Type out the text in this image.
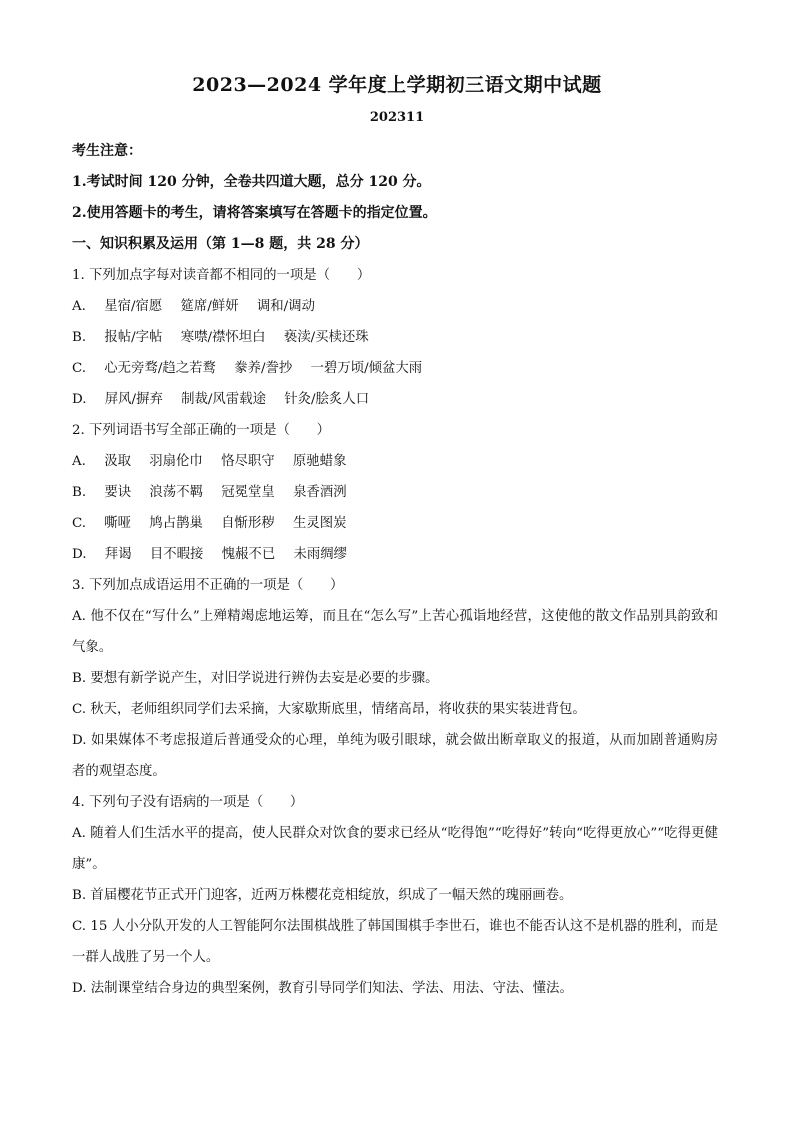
2023—2024 学年度上学期初三语文期中试题
202311
考生注意：
1.考试时间 120 分钟，全卷共四道大题，总分 120 分。
2.使用答题卡的考生，请将答案填写在答题卡的指定位置。
一、知识积累及运用（第 1—8 题，共 28 分）
1. 下列加点字每对读音都不相同的一项是（　　）
A. 星宿/宿愿 筵席/鲜妍 调和/调动
B. 报帖/字帖 寒噤/襟怀坦白 亵渎/买椟还珠
C. 心无旁骛/趋之若鹜 豢养/誊抄 一碧万顷/倾盆大雨
D. 屏风/摒弃 制裁/风雷载途 针灸/脍炙人口
2. 下列词语书写全部正确的一项是（　　）
A. 汲取 羽扇伦巾 恪尽职守 原驰蜡象
B. 要诀 浪荡不羁 冠冕堂皇 泉香酒洌
C. 嘶哑 鸠占鹊巢 自惭形秽 生灵图炭
D. 拜谒 目不暇接 愧赧不已 未雨绸缪
3. 下列加点成语运用不正确的一项是（　　）
A. 他不仅在“写什么”上殚精竭虑地运筹，而且在“怎么写”上苦心孤诣地经营，这使他的散文作品别具韵致和气象。
B. 要想有新学说产生，对旧学说进行辨伪去妄是必要的步骤。
C. 秋天，老师组织同学们去采摘，大家歇斯底里，情绪高昂，将收获的果实装进背包。
D. 如果媒体不考虑报道后普通受众的心理，单纯为吸引眼球，就会做出断章取义的报道，从而加剧普通购房者的观望态度。
4. 下列句子没有语病的一项是（　　）
A. 随着人们生活水平的提高，使人民群众对饮食的要求已经从“吃得饱”“吃得好”转向“吃得更放心”“吃得更健康”。
B. 首届樱花节正式开门迎客，近两万株樱花竞相绽放，织成了一幅天然的瑰丽画卷。
C. 15 人小分队开发的人工智能阿尔法围棋战胜了韩国围棋手李世石，谁也不能否认这不是机器的胜利，而是一群人战胜了另一个人。
D. 法制课堂结合身边的典型案例，教育引导同学们知法、学法、用法、守法、懂法。
